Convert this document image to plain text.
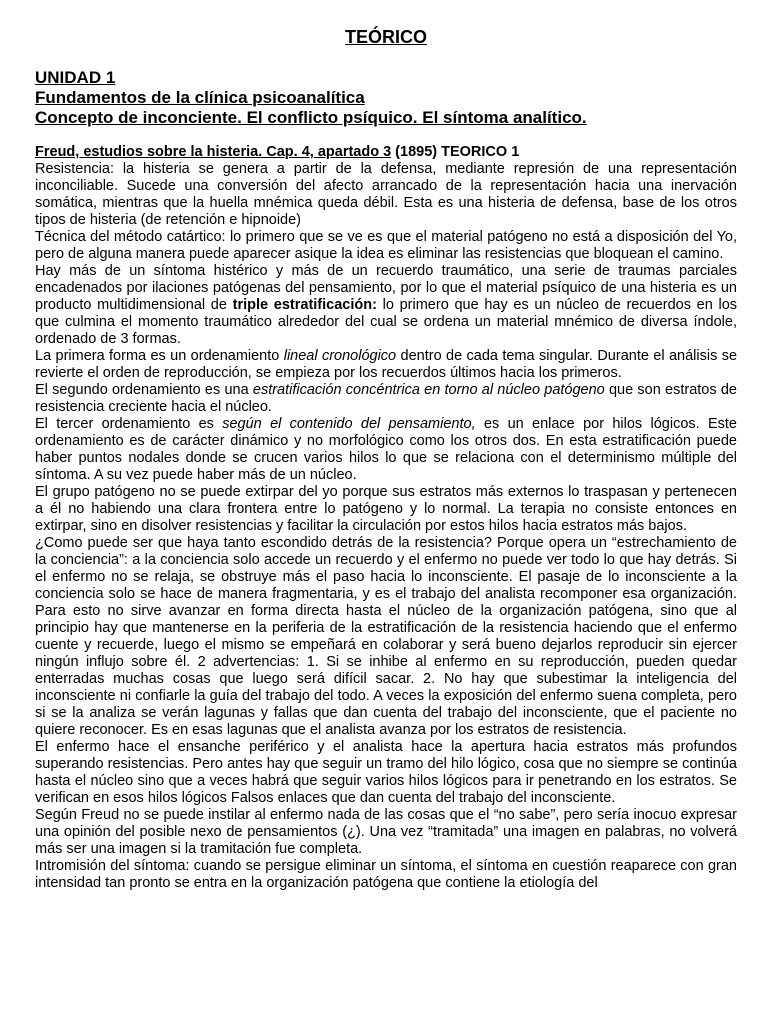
TEÓRICO
UNIDAD 1
Fundamentos de la clínica psicoanalítica
Concepto de inconciente. El conflicto psíquico. El síntoma analítico.
Freud, estudios sobre la histeria. Cap. 4, apartado 3 (1895) TEORICO 1

Resistencia: la histeria se genera a partir de la defensa, mediante represión de una representación inconciliable. Sucede una conversión del afecto arrancado de la representación hacia una inervación somática, mientras que la huella mnémica queda débil. Esta es una histeria de defensa, base de los otros tipos de histeria (de retención e hipnoide)

Técnica del método catártico: lo primero que se ve es que el material patógeno no está a disposición del Yo, pero de alguna manera puede aparecer asique la idea es eliminar las resistencias que bloquean el camino.

Hay más de un síntoma histérico y más de un recuerdo traumático, una serie de traumas parciales encadenados por ilaciones patógenas del pensamiento, por lo que el material psíquico de una histeria es un producto multidimensional de triple estratificación: lo primero que hay es un núcleo de recuerdos en los que culmina el momento traumático alrededor del cual se ordena un material mnémico de diversa índole, ordenado de 3 formas.

La primera forma es un ordenamiento lineal cronológico dentro de cada tema singular. Durante el análisis se revierte el orden de reproducción, se empieza por los recuerdos últimos hacia los primeros.

El segundo ordenamiento es una estratificación concéntrica en torno al núcleo patógeno que son estratos de resistencia creciente hacia el núcleo.

El tercer ordenamiento es según el contenido del pensamiento, es un enlace por hilos lógicos. Este ordenamiento es de carácter dinámico y no morfológico como los otros dos. En esta estratificación puede haber puntos nodales donde se crucen varios hilos lo que se relaciona con el determinismo múltiple del síntoma. A su vez puede haber más de un núcleo.

El grupo patógeno no se puede extirpar del yo porque sus estratos más externos lo traspasan y pertenecen a él no habiendo una clara frontera entre lo patógeno y lo normal. La terapia no consiste entonces en extirpar, sino en disolver resistencias y facilitar la circulación por estos hilos hacia estratos más bajos.

¿Como puede ser que haya tanto escondido detrás de la resistencia? Porque opera un “estrechamiento de la conciencia”: a la conciencia solo accede un recuerdo y el enfermo no puede ver todo lo que hay detrás. Si el enfermo no se relaja, se obstruye más el paso hacia lo inconsciente. El pasaje de lo inconsciente a la conciencia solo se hace de manera fragmentaria, y es el trabajo del analista recomponer esa organización. Para esto no sirve avanzar en forma directa hasta el núcleo de la organización patógena, sino que al principio hay que mantenerse en la periferia de la estratificación de la resistencia haciendo que el enfermo cuente y recuerde, luego el mismo se empeñará en colaborar y será bueno dejarlos reproducir sin ejercer ningún influjo sobre él. 2 advertencias: 1. Si se inhibe al enfermo en su reproducción, pueden quedar enterradas muchas cosas que luego será difícil sacar. 2. No hay que subestimar la inteligencia del inconsciente ni confiarle la guía del trabajo del todo. A veces la exposición del enfermo suena completa, pero si se la analiza se verán lagunas y fallas que dan cuenta del trabajo del inconsciente, que el paciente no quiere reconocer. Es en esas lagunas que el analista avanza por los estratos de resistencia.

El enfermo hace el ensanche periférico y el analista hace la apertura hacia estratos más profundos superando resistencias. Pero antes hay que seguir un tramo del hilo lógico, cosa que no siempre se continúa hasta el núcleo sino que a veces habrá que seguir varios hilos lógicos para ir penetrando en los estratos. Se verifican en esos hilos lógicos Falsos enlaces que dan cuenta del trabajo del inconsciente.

Según Freud no se puede instilar al enfermo nada de las cosas que el “no sabe”, pero sería inocuo expresar una opinión del posible nexo de pensamientos (¿). Una vez “tramitada” una imagen en palabras, no volverá más ser una imagen si la tramitación fue completa.

Intromisión del síntoma: cuando se persigue eliminar un síntoma, el síntoma en cuestión reaparece con gran intensidad tan pronto se entra en la organización patógena que contiene la etiología del
